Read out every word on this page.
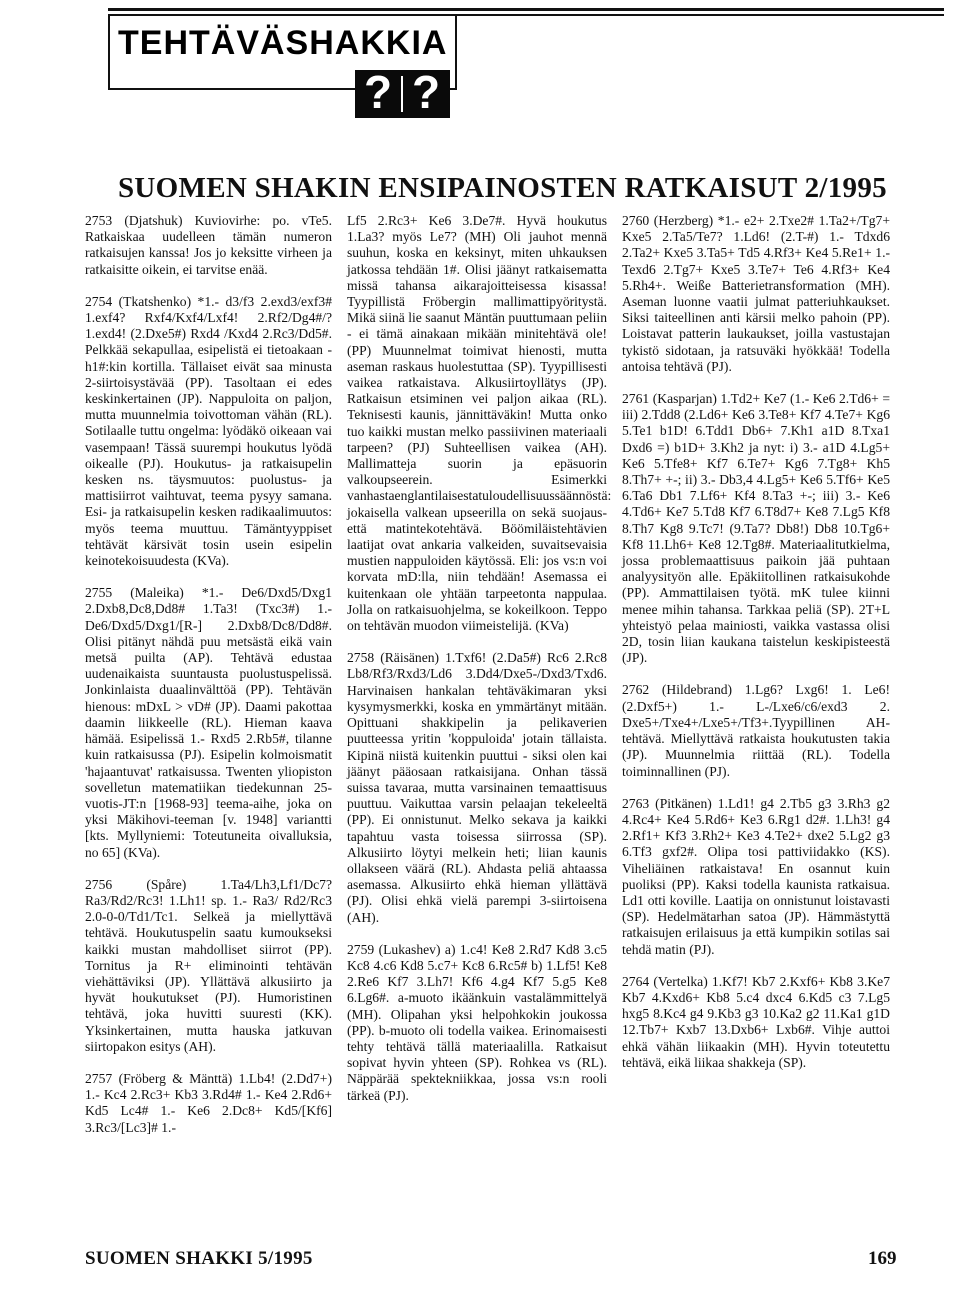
TEHTÄVÄSHAKKIA
? ?
SUOMEN SHAKIN ENSIPAINOSTEN RATKAISUT 2/1995

2753 (Djatshuk) Kuviovirhe: po. vTe5. Ratkaiskaa uudelleen tämän numeron ratkaisujen kanssa! Jos jo keksitte virheen ja ratkaisitte oikein, ei tarvitse enää.

2754 (Tkatshenko) *1.- d3/f3 2.exd3/exf3# 1.exf4? Rxf4/Kxf4/Lxf4! 2.Rf2/Dg4#/? 1.exd4! (2.Dxe5#) Rxd4 /Kxd4 2.Rc3/Dd5#. Pelkkää sekapullaa, esipelistä ei tietoakaan - h1#:kin kortilla. Tällaiset eivät saa minusta 2-siirtoisystävää (PP). Tasoltaan ei edes keskinkertainen (JP). Nappuloita on paljon, mutta muunnelmia toivottoman vähän (RL). Sotilaalle tuttu ongelma: lyödäkö oikeaan vai vasempaan! Tässä suurempi houkutus lyödä oikealle (PJ). Houkutus- ja ratkaisupelin kesken ns. täysmuutos: puolustus- ja mattisiirrot vaihtuvat, teema pysyy samana. Esi- ja ratkaisupelin kesken radikaalimuutos: myös teema muuttuu. Tämäntyyppiset tehtävät kärsivät tosin usein esipelin keinotekoisuudesta (KVa).

2755 (Maleika) *1.- De6/Dxd5/Dxg1 2.Dxb8,Dc8,Dd8# 1.Ta3! (Txc3#) 1.- De6/Dxd5/Dxg1/[R-] 2.Dxb8/Dc8/Dd8#. Olisi pitänyt nähdä puu metsästä eikä vain metsä puilta (AP). Tehtävä edustaa uudenaikaista suuntausta puolustuspelissä. Jonkinlaista duaalinvälttöä (PP). Tehtävän hienous: mDxL > vD# (JP). Daami pakottaa daamin liikkeelle (RL). Hieman kaava hämää. Esipelissä 1.- Rxd5 2.Rb5#, tilanne kuin ratkaisussa (PJ). Esipelin kolmoismatit 'hajaantuvat' ratkaisussa. Twenten yliopiston sovelletun matematiikan tiedekunnan 25-vuotis-JT:n [1968-93] teema-aihe, joka on yksi Mäkihovi-teeman [v. 1948] variantti [kts. Myllyniemi: Toteutuneita oivalluksia, no 65] (KVa).

2756 (Spåre) 1.Ta4/Lh3,Lf1/Dc7? Ra3/Rd2/Rc3! 1.Lh1! sp. 1.- Ra3/ Rd2/Rc3 2.0-0-0/Td1/Tc1. Selkeä ja miellyttävä tehtävä. Houkutuspelin saatu kumoukseksi kaikki mustan mahdolliset siirrot (PP). Tornitus ja R+ eliminointi tehtävän viehättäviksi (JP). Yllättävä alkusiirto ja hyvät houkutukset (PJ). Humoristinen tehtävä, joka huvitti suuresti (KK). Yksinkertainen, mutta hauska jatkuvan siirtopakon esitys (AH).

2757 (Fröberg & Mänttä) 1.Lb4! (2.Dd7+) 1.- Kc4 2.Rc3+ Kb3 3.Rd4# 1.- Ke4 2.Rd6+ Kd5 Lc4# 1.- Ke6 2.Dc8+ Kd5/[Kf6] 3.Rc3/[Lc3]# 1.-

Lf5 2.Rc3+ Ke6 3.De7#. Hyvä houkutus 1.La3? myös Le7? (MH) Oli jauhot mennä suuhun, koska en keksinyt, miten uhkauksen jatkossa tehdään 1#. Olisi jäänyt ratkaisematta missä tahansa aikarajoitteisessa kisassa! Tyypillistä Fröbergin mallimattipyöritystä. Mikä siinä lie saanut Mäntän puuttumaan peliin - ei tämä ainakaan mikään minitehtävä ole! (PP) Muunnelmat toimivat hienosti, mutta aseman raskaus huolestuttaa (SP). Tyypillisesti vaikea ratkaistava. Alkusiirtoyllätys (JP). Ratkaisun etsiminen vei paljon aikaa (RL). Teknisesti kaunis, jännittäväkin! Mutta onko tuo kaikki mustan melko passiivinen materiaali tarpeen? (PJ) Suhteellisen vaikea (AH). Mallimatteja suorin ja epäsuorin valkoupseerein. Esimerkki vanhastaenglantilaisestatuloudellisuussäännöstä: jokaisella valkean upseerilla on sekä suojaus- että matintekotehtävä. Böömiläistehtävien laatijat ovat ankaria valkeiden, suvaitsevaisia mustien nappuloiden käytössä. Eli: jos vs:n voi korvata mD:lla, niin tehdään! Asemassa ei kuitenkaan ole yhtään tarpeetonta nappulaa. Jolla on ratkaisuohjelma, se kokeilkoon. Teppo on tehtävän muodon viimeistelijä. (KVa)

2758 (Räisänen) 1.Txf6! (2.Da5#) Rc6 2.Rc8 Lb8/Rf3/Rxd3/Ld6 3.Dd4/Dxe5-/Dxd3/Txd6. Harvinaisen hankalan tehtäväkimaran yksi kysymysmerkki, koska en ymmärtänyt mitään. Opittuani shakkipelin ja pelikaverien puuttеessa yritin 'koppuloida' jotain tällaista. Kipinä niistä kuitenkin puuttui - siksi olen kai jäänyt pääosaan ratkaisijana. Onhan tässä suissa tavaraa, mutta varsinainen temaattisuus puuttuu. Vaikuttaa varsin pelaajan tekeleeltä (PP). Ei onnistunut. Melko sekava ja kaikki tapahtuu vasta toisessa siirrossa (SP). Alkusiirto löytyi melkein heti; liian kaunis ollakseen väärä (RL). Ahdasta peliä ahtaassa asemassa. Alkusiirto ehkä hieman yllättävä (PJ). Olisi ehkä vielä parempi 3-siirtoisena (AH).

2759 (Lukashev) a) 1.c4! Ke8 2.Rd7 Kd8 3.c5 Kc8 4.c6 Kd8 5.c7+ Kc8 6.Rc5# b) 1.Lf5! Ke8 2.Re6 Kf7 3.Lh7! Kf6 4.g4 Kf7 5.g5 Ke8 6.Lg6#. a-muoto ikäänkuin vastalämmittelyä (MH). Olipahan yksi helpohkokin joukossa (PP). b-muoto oli todella vaikea. Erinomaisesti tehty tehtävä tällä materiaalilla. Ratkaisut sopivat hyvin yhteen (SP). Rohkea vs (RL). Näppärää spektekniikkaa, jossa vs:n rooli tärkeä (PJ).

2760 (Herzberg) *1.- e2+ 2.Txe2# 1.Ta2+/Tg7+ Kxe5 2.Ta5/Te7? 1.Ld6! (2.T-#) 1.- Tdxd6 2.Ta2+ Kxe5 3.Ta5+ Td5 4.Rf3+ Ke4 5.Re1+ 1.- Texd6 2.Tg7+ Kxe5 3.Te7+ Te6 4.Rf3+ Ke4 5.Rh4+. Weiße Batterietransformation (MH). Aseman luonne vaatii julmat patteriuhkaukset. Siksi taiteellinen anti kärsii melko pahoin (PP). Loistavat patterin laukaukset, joilla vastustajan tykistö sidotaan, ja ratsuväki hyökkää! Todella antoisa tehtävä (PJ).

2761 (Kasparjan) 1.Td2+ Ke7 (1.- Ke6 2.Td6+ = iii) 2.Tdd8 (2.Ld6+ Ke6 3.Te8+ Kf7 4.Te7+ Kg6 5.Te1 b1D! 6.Tdd1 Db6+ 7.Kh1 a1D 8.Txa1 Dxd6 =) b1D+ 3.Kh2 ja nyt: i) 3.- a1D 4.Lg5+ Ke6 5.Tfe8+ Kf7 6.Te7+ Kg6 7.Tg8+ Kh5 8.Th7+ +-; ii) 3.- Db3,4 4.Lg5+ Ke6 5.Tf6+ Ke5 6.Ta6 Db1 7.Lf6+ Kf4 8.Ta3 +-; iii) 3.- Ke6 4.Td6+ Ke7 5.Td8 Kf7 6.T8d7+ Ke8 7.Lg5 Kf8 8.Th7 Kg8 9.Tc7! (9.Ta7? Db8!) Db8 10.Tg6+ Kf8 11.Lh6+ Ke8 12.Tg8#. Materiaalitutkielma, jossa problemaattisuus paikoin jää puhtaan analyysityön alle. Epäkiitollinen ratkaisukohde (PP). Ammattilaisen työtä. mK tulee kiinni menee mihin tahansa. Tarkkaa peliä (SP). 2T+L yhteistyö pelaa mainiosti, vaikka vastassa olisi 2D, tosin liian kaukana taistelun keskipisteestä (JP).

2762 (Hildebrand) 1.Lg6? Lxg6! 1. Le6! (2.Dxf5+) 1.- L-/Lxe6/c6/exd3 2. Dxe5+/Txe4+/Lxe5+/Tf3+.Tyypillinen AH-tehtävä. Miellyttävä ratkaista houkutusten takia (JP). Muunnelmia riittää (RL). Todella toiminnallinen (PJ).

2763 (Pitkänen) 1.Ld1! g4 2.Tb5 g3 3.Rh3 g2 4.Rc4+ Ke4 5.Rd6+ Ke3 6.Rg1 d2#. 1.Lh3! g4 2.Rf1+ Kf3 3.Rh2+ Ke3 4.Te2+ dxe2 5.Lg2 g3 6.Tf3 gxf2#. Olipa tosi pattiviidakko (KS). Viheliäinen ratkaistava! En osannut kuin puoliksi (PP). Kaksi todella kaunista ratkaisua. Ld1 otti koville. Laatija on onnistunut loistavasti (SP). Hedelmätarhan satoa (JP). Hämmästyttä ratkaisujen erilaisuus ja että kumpikin sotilas sai tehdä matin (PJ).

2764 (Vertelka) 1.Kf7! Kb7 2.Kxf6+ Kb8 3.Ke7 Kb7 4.Kxd6+ Kb8 5.c4 dxc4 6.Kd5 c3 7.Lg5 hxg5 8.Kc4 g4 9.Kb3 g3 10.Ka2 g2 11.Ka1 g1D 12.Tb7+ Kxb7 13.Dxb6+ Lxb6#. Vihje auttoi ehkä vähän liikaakin (MH). Hyvin toteutettu tehtävä, eikä liikaa shakkeja (SP).

SUOMEN SHAKKI 5/1995	169
